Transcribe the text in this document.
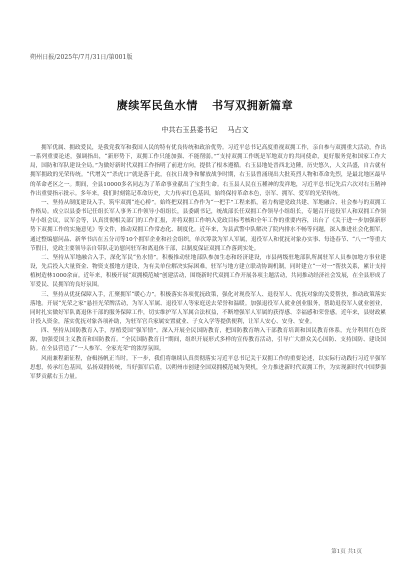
朔州日报/2025年/7月/31日/第001版
赓续军民鱼水情 书写双拥新篇章
中共右玉县委书记 马占文

拥军优属、拥政爱民，是我党我军和我国人民的特有优良传统和政治优势。习近平总书记高度重视双拥工作，亲自参与双拥重大活动，作出一系列重要论述，强调指出，“新形势下，双拥工作只能加强、不能削弱。”“支持双拥工作既是军地双方的共同使命，更好服务党和国家工作大局，国防和军队建设全局。”为做好新时代双拥工作指明了前进方向，提供了根本遵循。右玉县地处晋西北边陲，历史悠久，人文昌盛，自古就有拥军拥政的光荣传统。“代增关”“杀虎口”就是落于此，在抗日战争和解放战争时期，右玉县曾涌现出大批英烈人物和革命先烈，是最北地区最早的革命老区之一。期间，全县10000多名同志为了革命事业献出了宝贵生命。右玉县人民在五種神的发祥地，习近平总书记先后六次对右玉精神作出重要指示批示。多年来，我们时刻铭记革命历史，大力传承红色基因，始终保持革命本色，崇军、拥军、爱军的光荣传统。

一、坚持从制度建设入手，筑牢双拥“连心桥”。始终把双拥工作作为“一把手”工程来抓，着力构建党政共建、军地融合、社会参与的双拥工作格局。成立以县委书记任组长军人事务工作领导小组组长，县委副书记，统战部长任双拥工作领导小组组长，专题召开退役军人和双拥工作领导小组会议，议军会等，认真贯彻相关部门的工作汇报，并将双拥工作纳入党政目标考核和全年工作的重要内容，出台了《关于进一步加强新形势下双拥工作的实施意见》等文件，推动双拥工作常态化、制度化。近年来，为县武警中队解决了院内排水不畅等问题，深入推进社会化拥军，通过整编慰问品、新华书店在五分司等10个拥军企业和社会组织，单次筹款为军人军属，退役军人和优抚对象办实事、每逢春节、“八一”等重大节假日，党政主要领导亲自带队走访慰问驻军和离退休干部，以制度保证双拥工作落到实处。

二、坚持从军地融合入手，深化军民“鱼水情”。积极推动驻地部队参加生态和经济建设，市县两级驻地部队所属驻军人员参加地方事业建设，先后投入大量资金、物资支援地方建设，为有关单位解决实际困难，驻军与地方建立联动协调机制，同时建立“一对一”帮扶关系，累计支持植树造林1000余亩。近年来，积极开展“双拥模范城”创建活动，围绕新时代双拥工作开展各项主题活动，共同推动经济社会发展，在全县形成了军爱民、民拥军的良好氛围。

三、坚持从优抚保障入手，汇聚拥军“暖心力”。积极落实各项优抚政策，强化对现役军人、退役军人、优抚对象的关爱帮扶，推动政策落实落地。开展“光荣之家”悬挂光荣牌活动，为军人军属、退役军人等家庭送去荣誉和温暖。加强退役军人就业创业服务，帮助退役军人就业创业，同时扎实做好军队离退休干部的服务保障工作，切实维护军人军属合法权益，不断增强军人军属的获得感、幸福感和荣誉感。近年来，县财政累计投入资金，落实优抚对象各项补助，为驻军官兵家属安置就业、子女入学等提供便利，让军人安心、安身、安业。

四、坚持从国防教育入手，厚植爱国“强军情”。深入开展全民国防教育，把国防教育纳入干部教育培训和国民教育体系，充分利用红色资源，加强爱国主义教育和国防教育。“全民国防教育日”期间，组织开展形式多样的宣传教育活动，引导广大群众关心国防、支持国防、建设国防。在全县营造了“一人参军、全家光荣”的浓厚氛围。

风雨兼程新征程，奋楫扬帆正当时。下一步，我们将继续认真贯彻落实习近平总书记关于双拥工作的重要论述，以实际行动践行习近平强军思想，传承红色基因，弘扬双拥传统，当好强军后盾，以朔州市创建全国双拥模范城为契机，全力推进新时代双拥工作，为实现新时代中国梦强军梦贡献右玉力量。

第1页 共1页
